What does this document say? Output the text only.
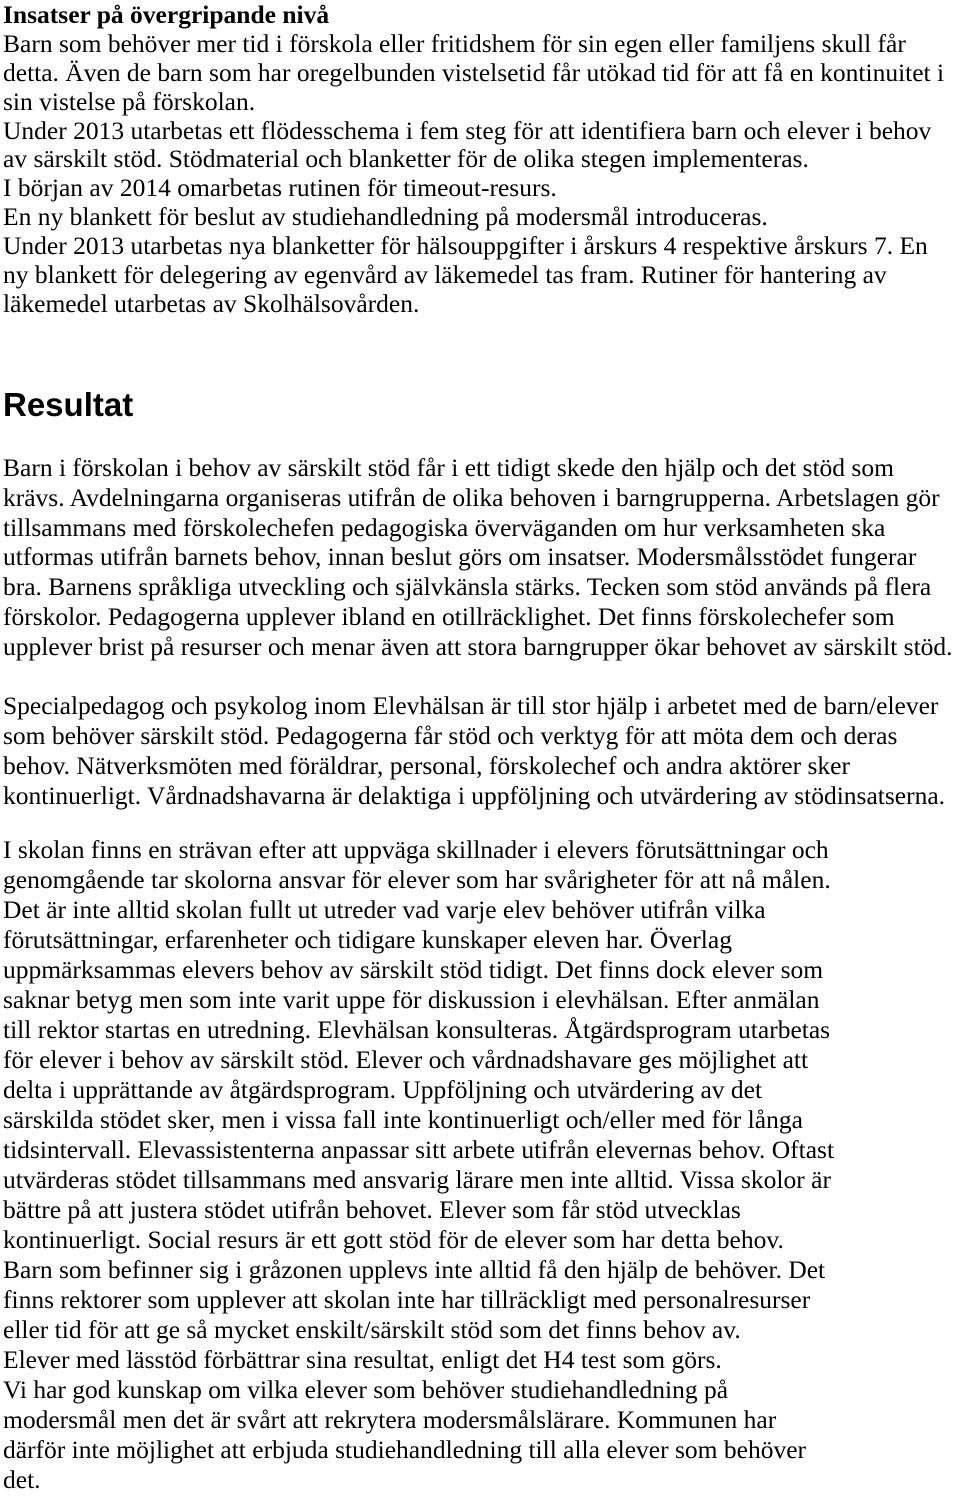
Insatser på övergripande nivå
Barn som behöver mer tid i förskola eller fritidshem för sin egen eller familjens skull får
detta. Även de barn som har oregelbunden vistelsetid får utökad tid för att få en kontinuitet i
sin vistelse på förskolan.
Under 2013 utarbetas ett flödesschema i fem steg för att identifiera barn och elever i behov
av särskilt stöd. Stödmaterial och blanketter för de olika stegen implementeras.
I början av 2014 omarbetas rutinen för timeout-resurs.
En ny blankett för beslut av studiehandledning på modersmål introduceras.
Under 2013 utarbetas nya blanketter för hälsouppgifter i årskurs 4 respektive årskurs 7. En
ny blankett för delegering av egenvård av läkemedel tas fram. Rutiner för hantering av
läkemedel utarbetas av Skolhälsovården.
Resultat
Barn i förskolan i behov av särskilt stöd får i ett tidigt skede den hjälp och det stöd som
krävs. Avdelningarna organiseras utifrån de olika behoven i barngrupperna. Arbetslagen gör
tillsammans med förskolechefen pedagogiska överväganden om hur verksamheten ska
utformas utifrån barnets behov, innan beslut görs om insatser. Modersmålsstödet fungerar
bra. Barnens språkliga utveckling och självkänsla stärks. Tecken som stöd används på flera
förskolor. Pedagogerna upplever ibland en otillräcklighet. Det finns förskolechefer som
upplever brist på resurser och menar även att stora barngrupper ökar behovet av särskilt stöd.
Specialpedagog och psykolog inom Elevhälsan är till stor hjälp i arbetet med de barn/elever
som behöver särskilt stöd. Pedagogerna får stöd och verktyg för att möta dem och deras
behov. Nätverksmöten med föräldrar, personal, förskolechef och andra aktörer sker
kontinuerligt. Vårdnadshavarna är delaktiga i uppföljning och utvärdering av stödinsatserna.
I skolan finns en strävan efter att uppväga skillnader i elevers förutsättningar och
genomgående tar skolorna ansvar för elever som har svårigheter för att nå målen.
Det är inte alltid skolan fullt ut utreder vad varje elev behöver utifrån vilka
förutsättningar, erfarenheter och tidigare kunskaper eleven har. Överlag
uppmärksammas elevers behov av särskilt stöd tidigt. Det finns dock elever som
saknar betyg men som inte varit uppe för diskussion i elevhälsan. Efter anmälan
till rektor startas en utredning. Elevhälsan konsulteras. Åtgärdsprogram utarbetas
för elever i behov av särskilt stöd. Elever och vårdnadshavare ges möjlighet att
delta i upprättande av åtgärdsprogram. Uppföljning och utvärdering av det
särskilda stödet sker, men i vissa fall inte kontinuerligt och/eller med för långa
tidsintervall. Elevassistenterna anpassar sitt arbete utifrån elevernas behov. Oftast
utvärderas stödet tillsammans med ansvarig lärare men inte alltid. Vissa skolor är
bättre på att justera stödet utifrån behovet. Elever som får stöd utvecklas
kontinuerligt. Social resurs är ett gott stöd för de elever som har detta behov.
Barn som befinner sig i gråzonen upplevs inte alltid få den hjälp de behöver. Det
finns rektorer som upplever att skolan inte har tillräckligt med personalresurser
eller tid för att ge så mycket enskilt/särskilt stöd som det finns behov av.
Elever med lässtöd förbättrar sina resultat, enligt det H4 test som görs.
Vi har god kunskap om vilka elever som behöver studiehandledning på
modersmål men det är svårt att rekrytera modersmålslärare. Kommunen har
därför inte möjlighet att erbjuda studiehandledning till alla elever som behöver
det.
